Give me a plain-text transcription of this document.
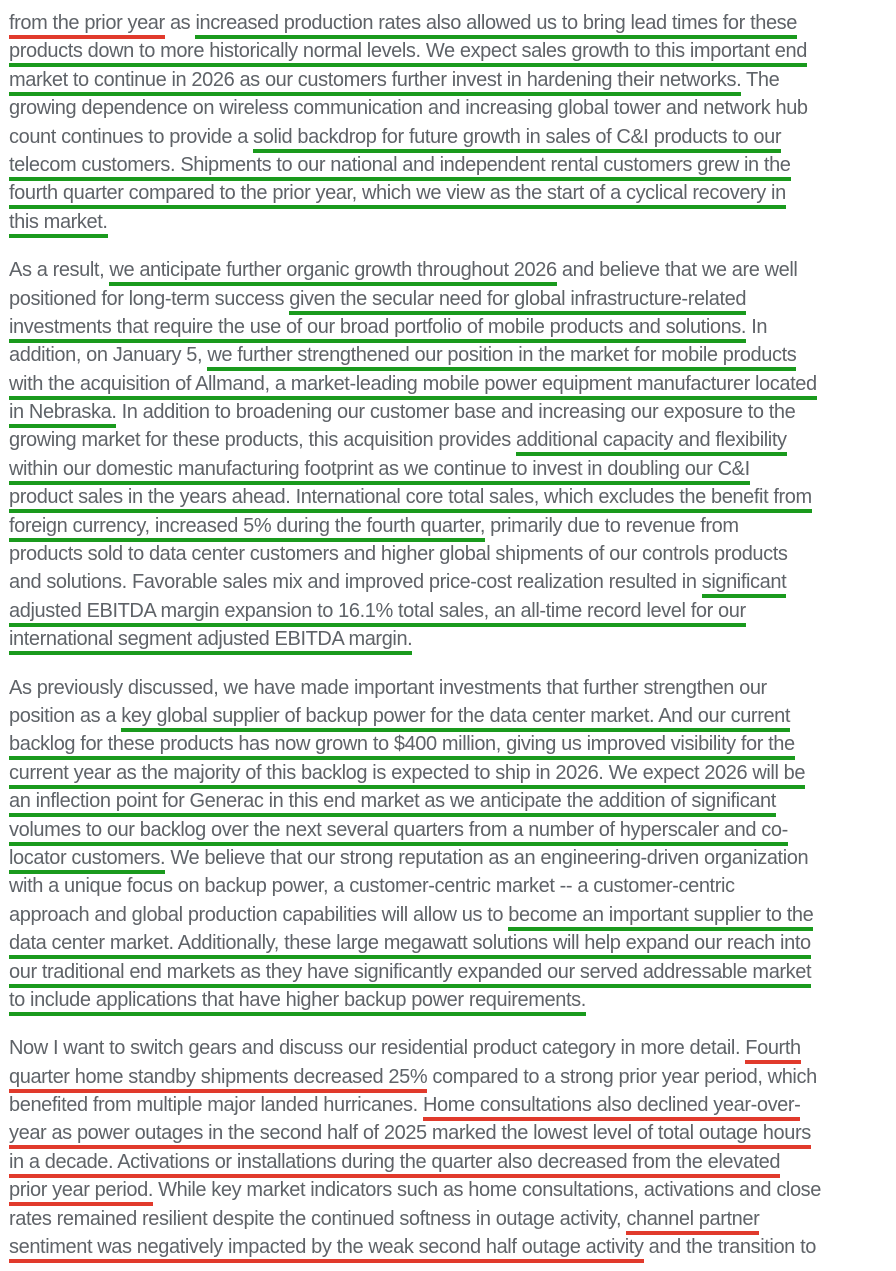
from the prior year as increased production rates also allowed us to bring lead times for these
products down to more historically normal levels. We expect sales growth to this important end
market to continue in 2026 as our customers further invest in hardening their networks. The
growing dependence on wireless communication and increasing global tower and network hub
count continues to provide a solid backdrop for future growth in sales of C&I products to our
telecom customers. Shipments to our national and independent rental customers grew in the
fourth quarter compared to the prior year, which we view as the start of a cyclical recovery in
this market.
As a result, we anticipate further organic growth throughout 2026 and believe that we are well
positioned for long-term success given the secular need for global infrastructure-related
investments that require the use of our broad portfolio of mobile products and solutions. In
addition, on January 5, we further strengthened our position in the market for mobile products
with the acquisition of Allmand, a market-leading mobile power equipment manufacturer located
in Nebraska. In addition to broadening our customer base and increasing our exposure to the
growing market for these products, this acquisition provides additional capacity and flexibility
within our domestic manufacturing footprint as we continue to invest in doubling our C&I
product sales in the years ahead. International core total sales, which excludes the benefit from
foreign currency, increased 5% during the fourth quarter, primarily due to revenue from
products sold to data center customers and higher global shipments of our controls products
and solutions. Favorable sales mix and improved price-cost realization resulted in significant
adjusted EBITDA margin expansion to 16.1% total sales, an all-time record level for our
international segment adjusted EBITDA margin.
As previously discussed, we have made important investments that further strengthen our
position as a key global supplier of backup power for the data center market. And our current
backlog for these products has now grown to $400 million, giving us improved visibility for the
current year as the majority of this backlog is expected to ship in 2026. We expect 2026 will be
an inflection point for Generac in this end market as we anticipate the addition of significant
volumes to our backlog over the next several quarters from a number of hyperscaler and co-
locator customers. We believe that our strong reputation as an engineering-driven organization
with a unique focus on backup power, a customer-centric market -- a customer-centric
approach and global production capabilities will allow us to become an important supplier to the
data center market. Additionally, these large megawatt solutions will help expand our reach into
our traditional end markets as they have significantly expanded our served addressable market
to include applications that have higher backup power requirements.
Now I want to switch gears and discuss our residential product category in more detail. Fourth
quarter home standby shipments decreased 25% compared to a strong prior year period, which
benefited from multiple major landed hurricanes. Home consultations also declined year-over-
year as power outages in the second half of 2025 marked the lowest level of total outage hours
in a decade. Activations or installations during the quarter also decreased from the elevated
prior year period. While key market indicators such as home consultations, activations and close
rates remained resilient despite the continued softness in outage activity, channel partner
sentiment was negatively impacted by the weak second half outage activity and the transition to
